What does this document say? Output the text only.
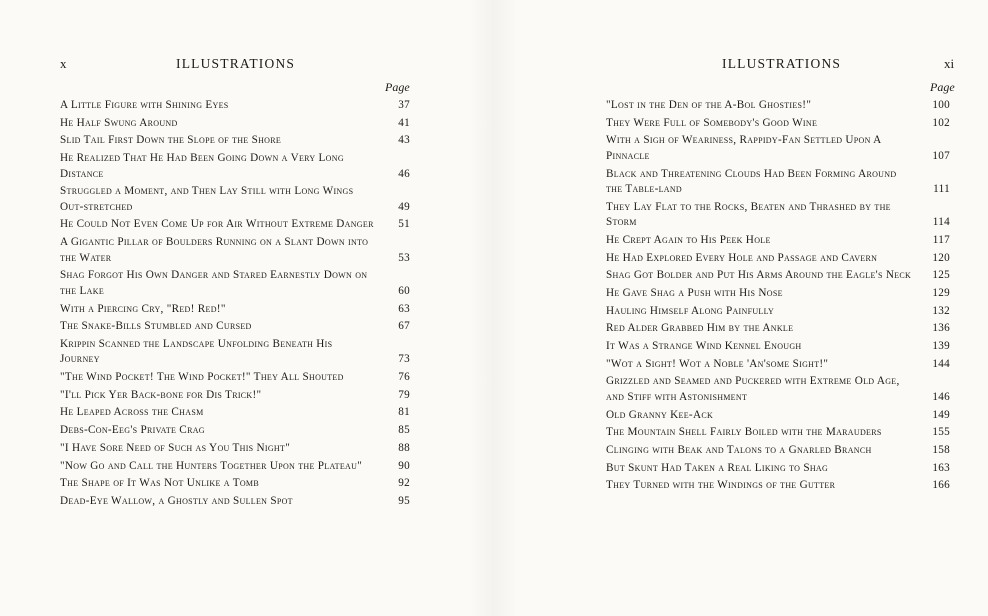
x	ILLUSTRATIONS
Page
A Little Figure with Shining Eyes	37
He Half Swung Around	41
Slid Tail First Down the Slope of the Shore	43
He Realized That He Had Been Going Down a Very Long Distance	46
Struggled a Moment, and Then Lay Still with Long Wings Out-stretched	49
He Could Not Even Come Up for Air Without Extreme Danger	51
A Gigantic Pillar of Boulders Running on a Slant Down into the Water	53
Shag Forgot His Own Danger and Stared Earnestly Down on the Lake	60
With a Piercing Cry, "Red! Red!"	63
The Snake-Bills Stumbled and Cursed	67
Krippin Scanned the Landscape Unfolding Beneath His Journey	73
"The Wind Pocket! The Wind Pocket!" They All Shouted	76
"I'll Pick Yer Back-bone for Dis Trick!"	79
He Leaped Across the Chasm	81
Debs-Con-Eeg's Private Crag	85
"I Have Sore Need of Such as You This Night"	88
"Now Go and Call the Hunters Together Upon the Plateau"	90
The Shape of It Was Not Unlike a Tomb	92
Dead-Eye Wallow, a Ghostly and Sullen Spot	95
ILLUSTRATIONS	xi
Page
"Lost in the Den of the A-Bol Ghosties!"	100
They Were Full of Somebody's Good Wine	102
With a Sigh of Weariness, Rappidy-Fan Settled Upon A Pinnacle	107
Black and Threatening Clouds Had Been Forming Around the Table-land	111
They Lay Flat to the Rocks, Beaten and Thrashed by the Storm	114
He Crept Again to His Peek Hole	117
He Had Explored Every Hole and Passage and Cavern	120
Shag Got Bolder and Put His Arms Around the Eagle's Neck	125
He Gave Shag a Push with His Nose	129
Hauling Himself Along Painfully	132
Red Alder Grabbed Him by the Ankle	136
It Was a Strange Wind Kennel Enough	139
"Wot a Sight! Wot a Noble 'An'some Sight!"	144
Grizzled and Seamed and Puckered with Extreme Old Age, and Stiff with Astonishment	146
Old Granny Kee-Ack	149
The Mountain Shell Fairly Boiled with the Marauders	155
Clinging with Beak and Talons to a Gnarled Branch	158
But Skunt Had Taken a Real Liking to Shag	163
They Turned with the Windings of the Gutter	166
